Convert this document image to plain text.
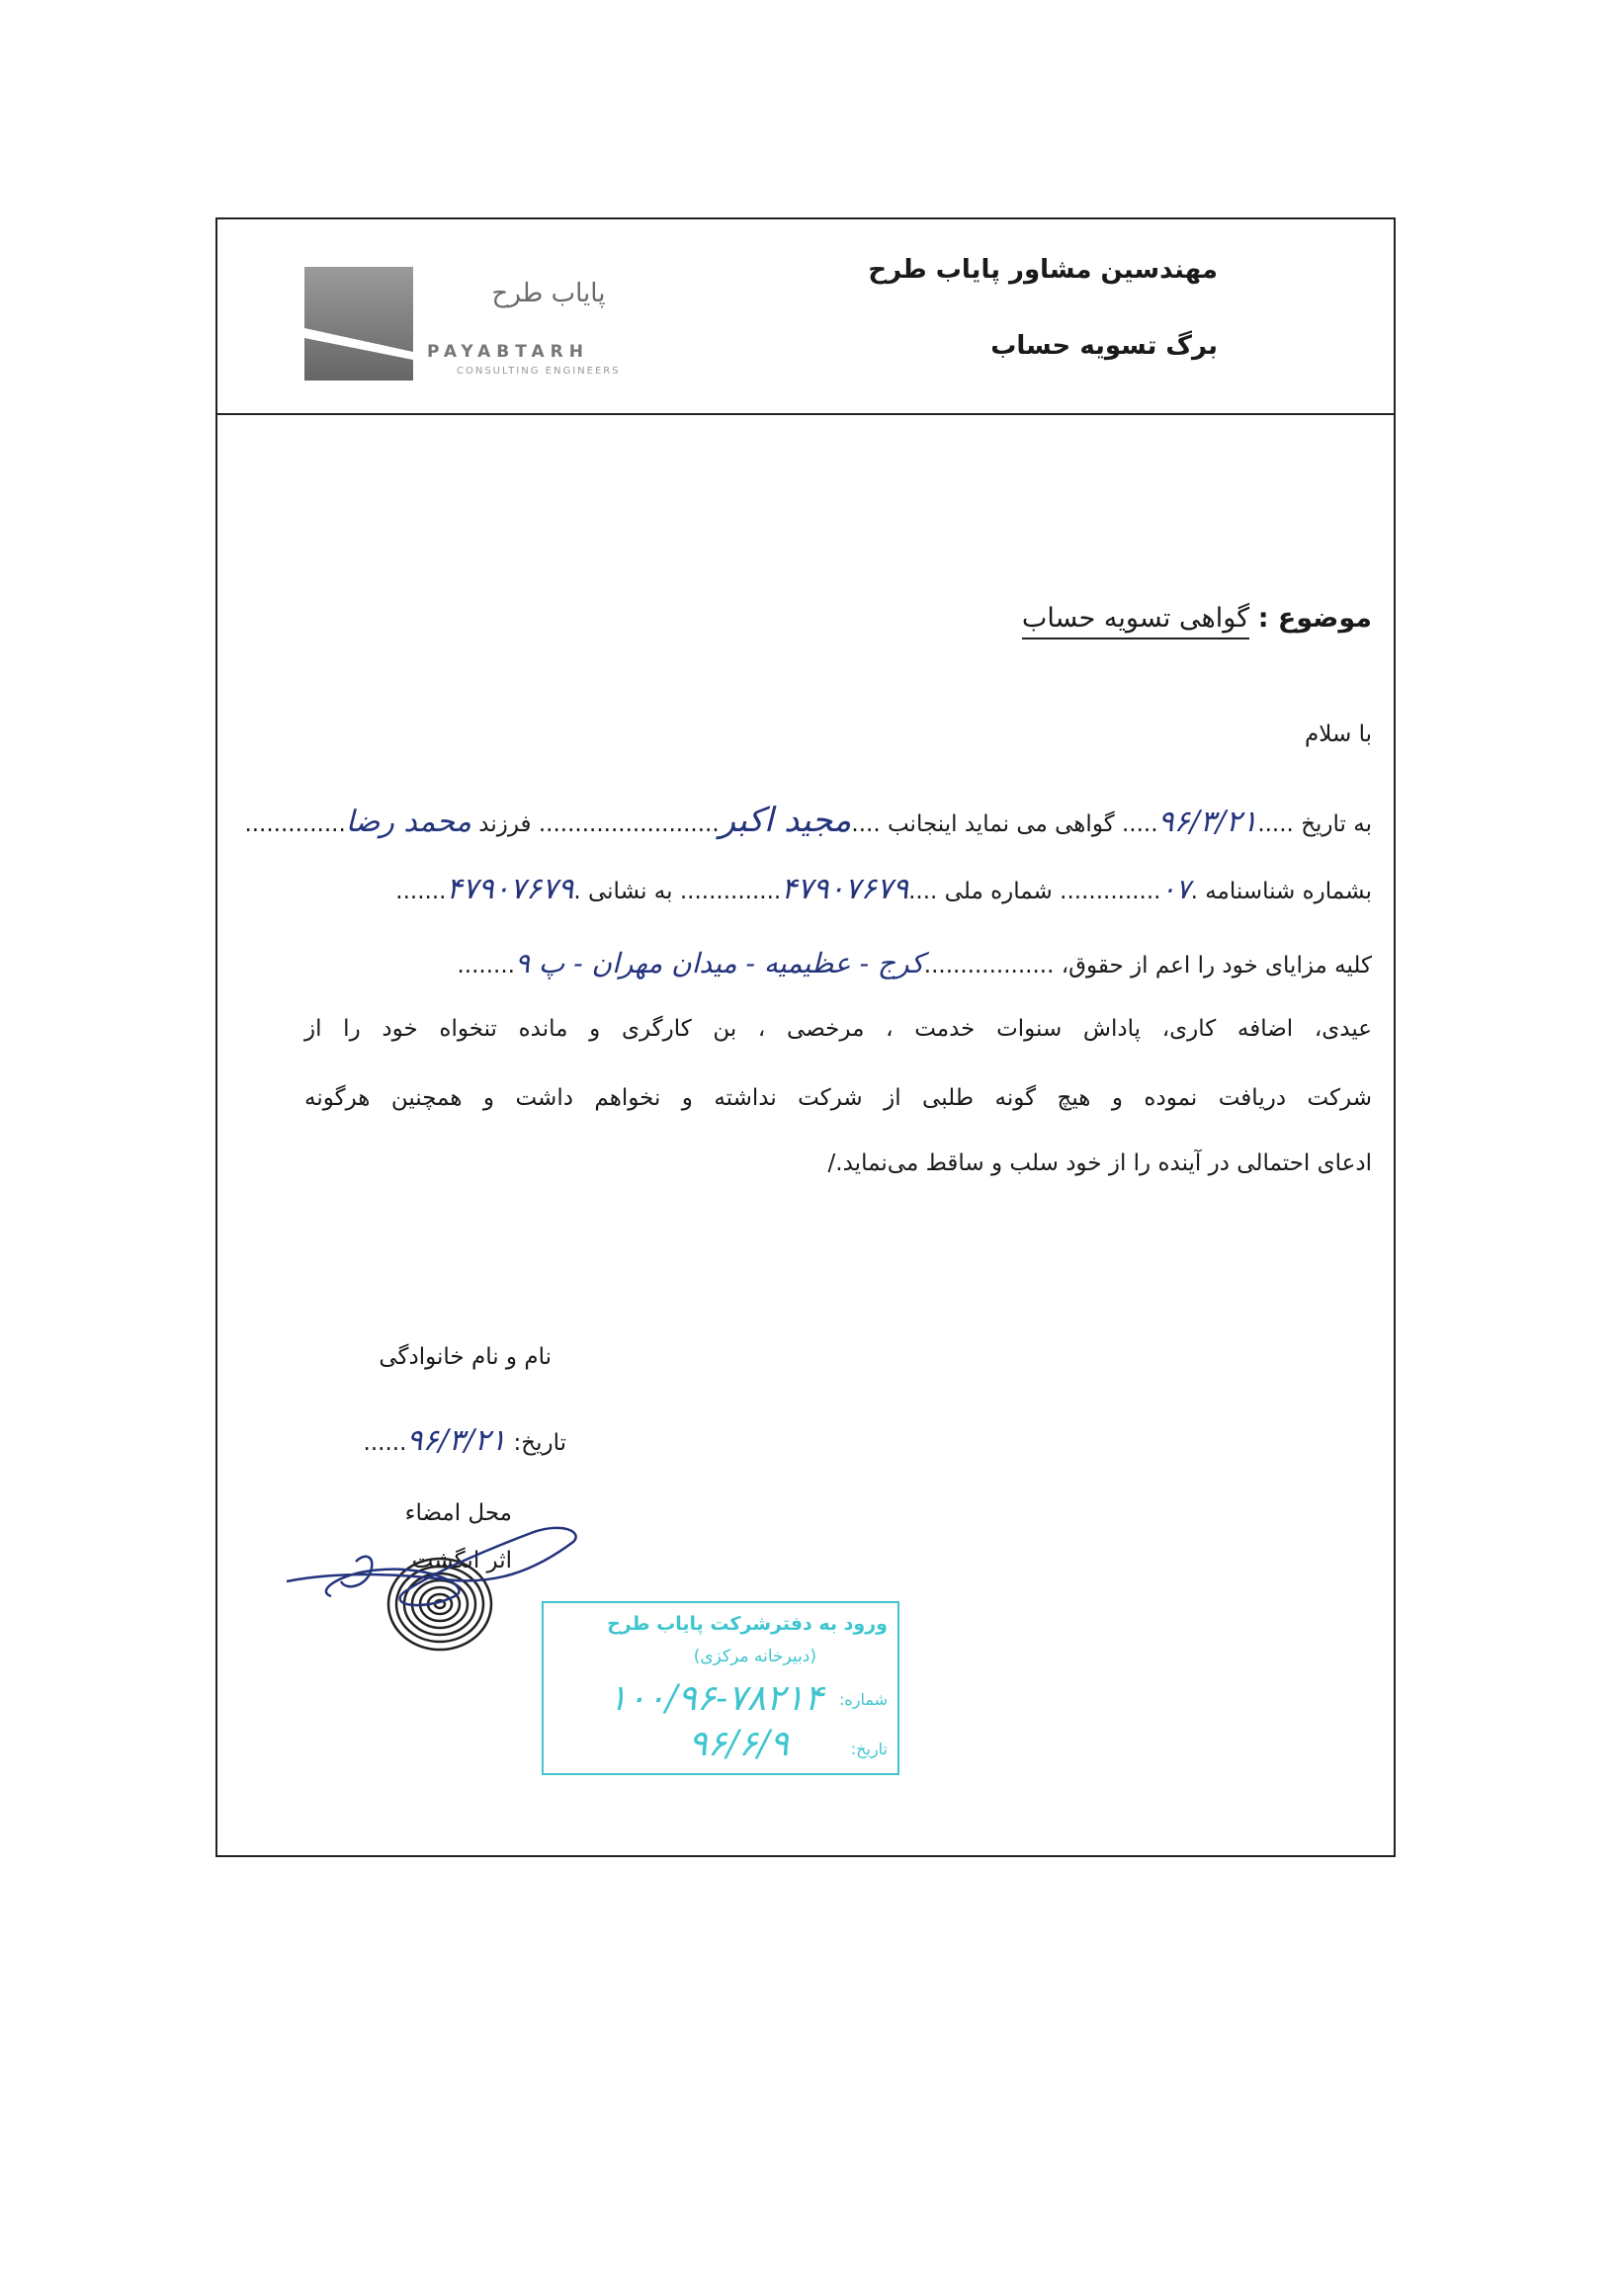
پایاب طرح
PAYABTARH
CONSULTING ENGINEERS
مهندسین مشاور پایاب طرح
برگ تسویه حساب
موضوع : گواهی تسویه حساب
با سلام
به تاریخ .....۹۶/۳/۲۱..... گواهی می نماید اینجانب ....مجید اکبر......................... فرزند محمد رضا..............
بشماره شناسنامه .۰۷.............. شماره ملی ....۴۷۹۰۷۶۷۹.............. به نشانی .۴۷۹۰۷۶۷۹.......
کلیه مزایای خود را اعم از حقوق، ..................کرج - عظیمیه - میدان مهران - پ ۹........
عیدی، اضافه کاری، پاداش سنوات خدمت ، مرخصی ، بن کارگری و مانده تنخواه خود را از
شرکت دریافت نموده و هیچ گونه طلبی از شرکت نداشته و نخواهم داشت و همچنین هرگونه
ادعای احتمالی در آینده را از خود سلب و ساقط می‌نماید./
نام و نام خانوادگی
تاریخ: ۹۶/۳/۲۱......
محل امضاء
اثر انگشت
ورود به دفترشرکت پایاب طرح
(دبیرخانه مرکزی)
شماره:
۱۰۰/۹۶-۷۸۲۱۴
تاریخ:
۹۶/۶/۹
